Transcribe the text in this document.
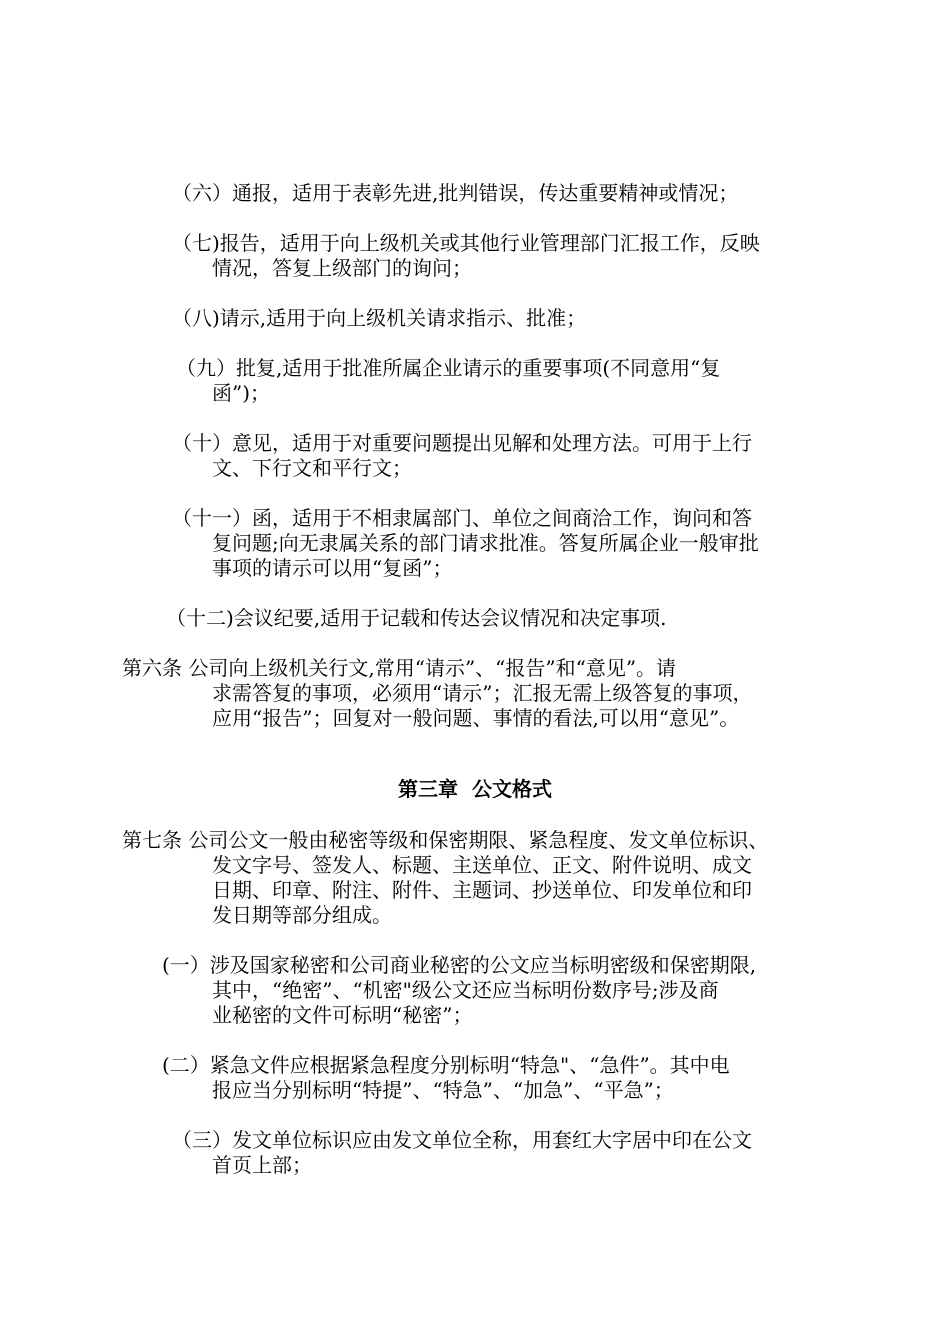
（六）通报，适用于表彰先进,批判错误，传达重要精神或情况；

（七)报告，适用于向上级机关或其他行业管理部门汇报工作，反映
情况，答复上级部门的询问；

（八)请示,适用于向上级机关请求指示、批准；

（九）批复,适用于批准所属企业请示的重要事项(不同意用“复
函”)；

（十）意见，适用于对重要问题提出见解和处理方法。可用于上行
文、下行文和平行文；

（十一）函，适用于不相隶属部门、单位之间商洽工作，询问和答
复问题;向无隶属关系的部门请求批准。答复所属企业一般审批
事项的请示可以用“复函”；

（十二)会议纪要,适用于记载和传达会议情况和决定事项.

第六条 公司向上级机关行文,常用“请示”、“报告”和“意见”。请
求需答复的事项，必须用“请示”；汇报无需上级答复的事项，
应用“报告”；回复对一般问题、事情的看法,可以用“意见”。

第三章  公文格式

第七条 公司公文一般由秘密等级和保密期限、紧急程度、发文单位标识、
发文字号、签发人、标题、主送单位、正文、附件说明、成文
日期、印章、附注、附件、主题词、抄送单位、印发单位和印
发日期等部分组成。

(一）涉及国家秘密和公司商业秘密的公文应当标明密级和保密期限,
其中，“绝密”、“机密"级公文还应当标明份数序号;涉及商
业秘密的文件可标明“秘密”；

(二）紧急文件应根据紧急程度分别标明“特急"、“急件”。其中电
报应当分别标明“特提”、“特急”、“加急”、“平急”；

（三）发文单位标识应由发文单位全称，用套红大字居中印在公文
首页上部；
